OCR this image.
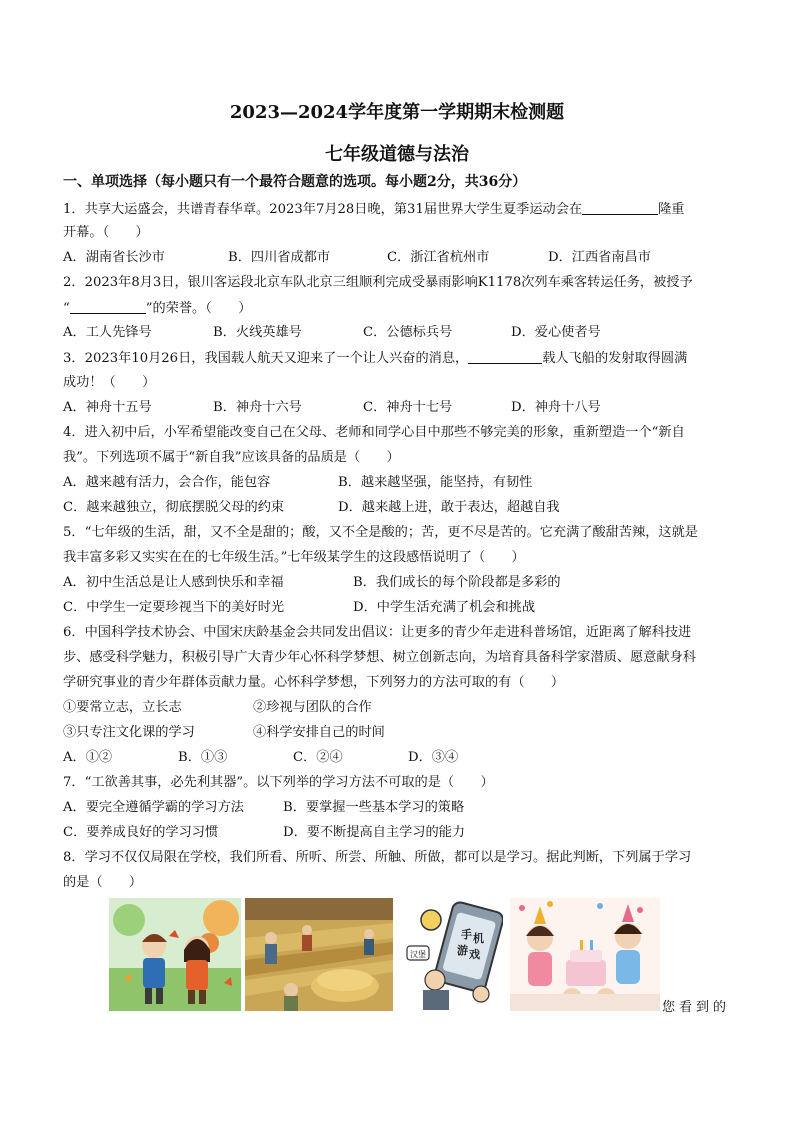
2023—2024学年度第一学期期末检测题
七年级道德与法治
一、单项选择（每小题只有一个最符合题意的选项。每小题2分，共36分）
1．共享大运盛会，共谱青春华章。2023年7月28日晚，第31届世界大学生夏季运动会在	隆重
开幕。（　　）
A．湖南省长沙市	B．四川省成都市	C．浙江省杭州市	D．江西省南昌市
2．2023年8月3日，银川客运段北京车队北京三组顺利完成受暴雨影响K1178次列车乘客转运任务，被授予
“	”的荣誉。（　　）
A．工人先锋号	B．火线英雄号	C．公德标兵号	D．爱心使者号
3．2023年10月26日，我国载人航天又迎来了一个让人兴奋的消息，	载人飞船的发射取得圆满
成功！（　　）
A．神舟十五号	B．神舟十六号	C．神舟十七号	D．神舟十八号
4．进入初中后，小军希望能改变自己在父母、老师和同学心目中那些不够完美的形象，重新塑造一个“新自
我”。下列选项不属于“新自我”应该具备的品质是（　　）
A．越来越有活力，会合作，能包容	B．越来越坚强，能坚持，有韧性
C．越来越独立，彻底摆脱父母的约束	D．越来越上进，敢于表达，超越自我
5．“七年级的生活，甜，又不全是甜的；酸，又不全是酸的；苦，更不尽是苦的。它充满了酸甜苦辣，这就是
我丰富多彩又实实在在的七年级生活。”七年级某学生的这段感悟说明了（　　）
A．初中生活总是让人感到快乐和幸福	B．我们成长的每个阶段都是多彩的
C．中学生一定要珍视当下的美好时光	D．中学生活充满了机会和挑战
6．中国科学技术协会、中国宋庆龄基金会共同发出倡议：让更多的青少年走进科普场馆，近距离了解科技进
步、感受科学魅力，积极引导广大青少年心怀科学梦想、树立创新志向，为培育具备科学家潜质、愿意献身科
学研究事业的青少年群体贡献力量。心怀科学梦想，下列努力的方法可取的有（　　）
①要常立志，立长志	②珍视与团队的合作
③只专注文化课的学习	④科学安排自己的时间
A．①②	B．①③	C．②④	D．③④
7．“工欲善其事，必先利其器”。以下列举的学习方法不可取的是（　　）
A．要完全遵循学霸的学习方法	B．要掌握一些基本学习的策略
C．要养成良好的学习习惯	D．要不断提高自主学习的能力
8．学习不仅仅局限在学校，我们所看、所听、所尝、所触、所做，都可以是学习。据此判断，下列属于学习
的是（　　）
手 机
游 戏
汉堡
您看到的
